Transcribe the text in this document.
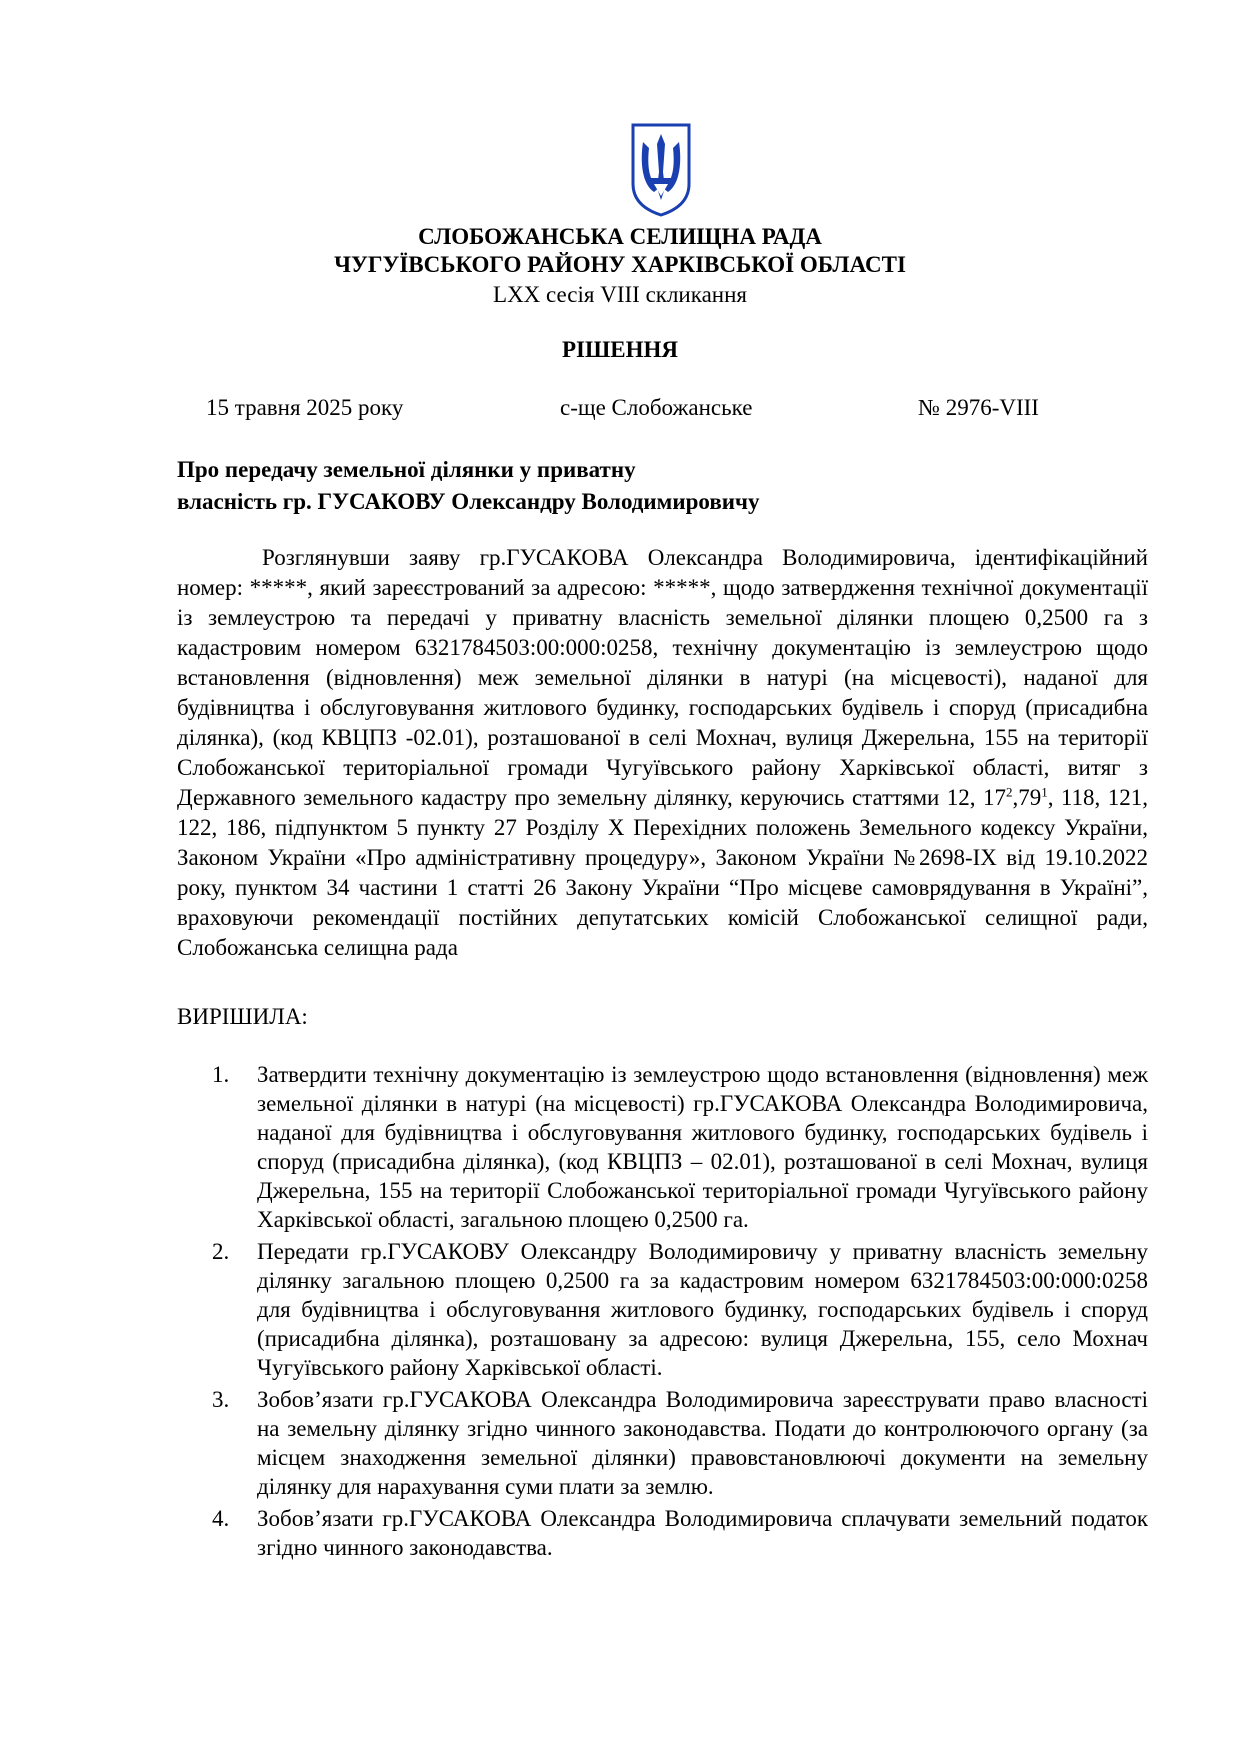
СЛОБОЖАНСЬКА СЕЛИЩНА РАДА
ЧУГУЇВСЬКОГО РАЙОНУ ХАРКІВСЬКОЇ ОБЛАСТІ
LXX сесія VIII скликання
РІШЕННЯ
15 травня 2025 року	с-ще Слобожанське	№ 2976-VIII
Про передачу земельної ділянки у приватну
власність гр. ГУСАКОВУ Олександру Володимировичу
Розглянувши заяву гр.ГУСАКОВА Олександра Володимировича, ідентифікаційний номер: *****, який зареєстрований за адресою: *****, щодо затвердження технічної документації із землеустрою та передачі у приватну власність земельної ділянки площею 0,2500 га з кадастровим номером 6321784503:00:000:0258, технічну документацію із землеустрою щодо встановлення (відновлення) меж земельної ділянки в натурі (на місцевості), наданої для будівництва і обслуговування житлового будинку, господарських будівель і споруд (присадибна ділянка), (код КВЦПЗ -02.01), розташованої в селі Мохнач, вулиця Джерельна, 155 на території Слобожанської територіальної громади Чугуївського району Харківської області, витяг з Державного земельного кадастру про земельну ділянку, керуючись статтями 12, $17^2,79^1$, 118, 121, 122, 186, підпунктом 5 пункту 27 Розділу X Перехідних положень Земельного кодексу України, Законом України «Про адміністративну процедуру», Законом України №2698-IX від 19.10.2022 року, пунктом 34 частини 1 статті 26 Закону України “Про місцеве самоврядування в Україні”, враховуючи рекомендації постійних депутатських комісій Слобожанської селищної ради, Слобожанська селищна рада
ВИРІШИЛА:
1. Затвердити технічну документацію із землеустрою щодо встановлення (відновлення) меж земельної ділянки в натурі (на місцевості) гр.ГУСАКОВА Олександра Володимировича, наданої для будівництва і обслуговування житлового будинку, господарських будівель і споруд (присадибна ділянка), (код КВЦПЗ – 02.01), розташованої в селі Мохнач, вулиця Джерельна, 155 на території Слобожанської територіальної громади Чугуївського району Харківської області, загальною площею 0,2500 га.
2. Передати гр.ГУСАКОВУ Олександру Володимировичу у приватну власність земельну ділянку загальною площею 0,2500 га за кадастровим номером 6321784503:00:000:0258 для будівництва і обслуговування житлового будинку, господарських будівель і споруд (присадибна ділянка), розташовану за адресою: вулиця Джерельна, 155, село Мохнач Чугуївського району Харківської області.
3. Зобов’язати гр.ГУСАКОВА Олександра Володимировича зареєструвати право власності на земельну ділянку згідно чинного законодавства. Подати до контролюючого органу (за місцем знаходження земельної ділянки) правовстановлюючі документи на земельну ділянку для нарахування суми плати за землю.
4. Зобов’язати гр.ГУСАКОВА Олександра Володимировича сплачувати земельний податок згідно чинного законодавства.
